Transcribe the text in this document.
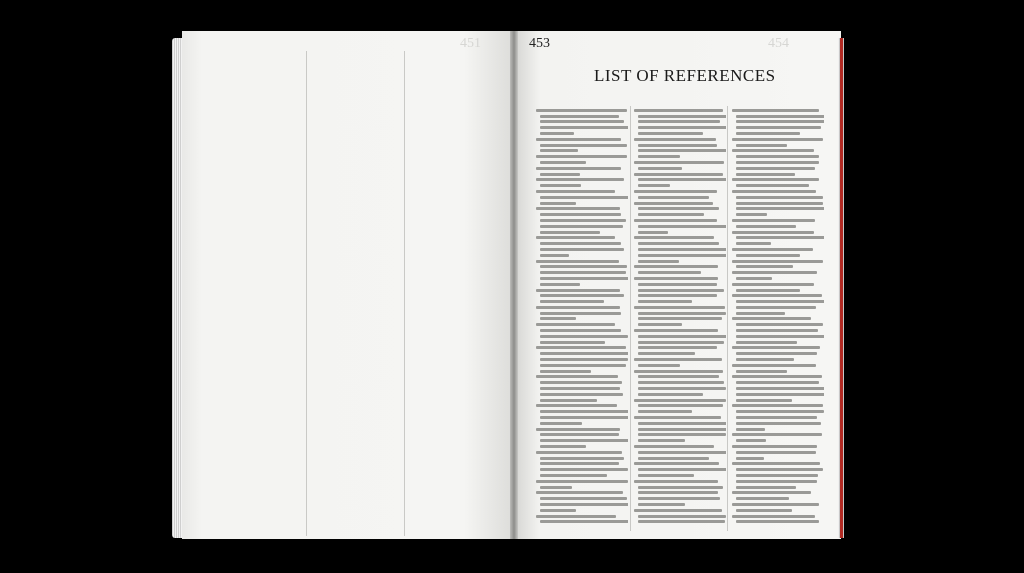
451	454
453
LIST OF REFERENCES
